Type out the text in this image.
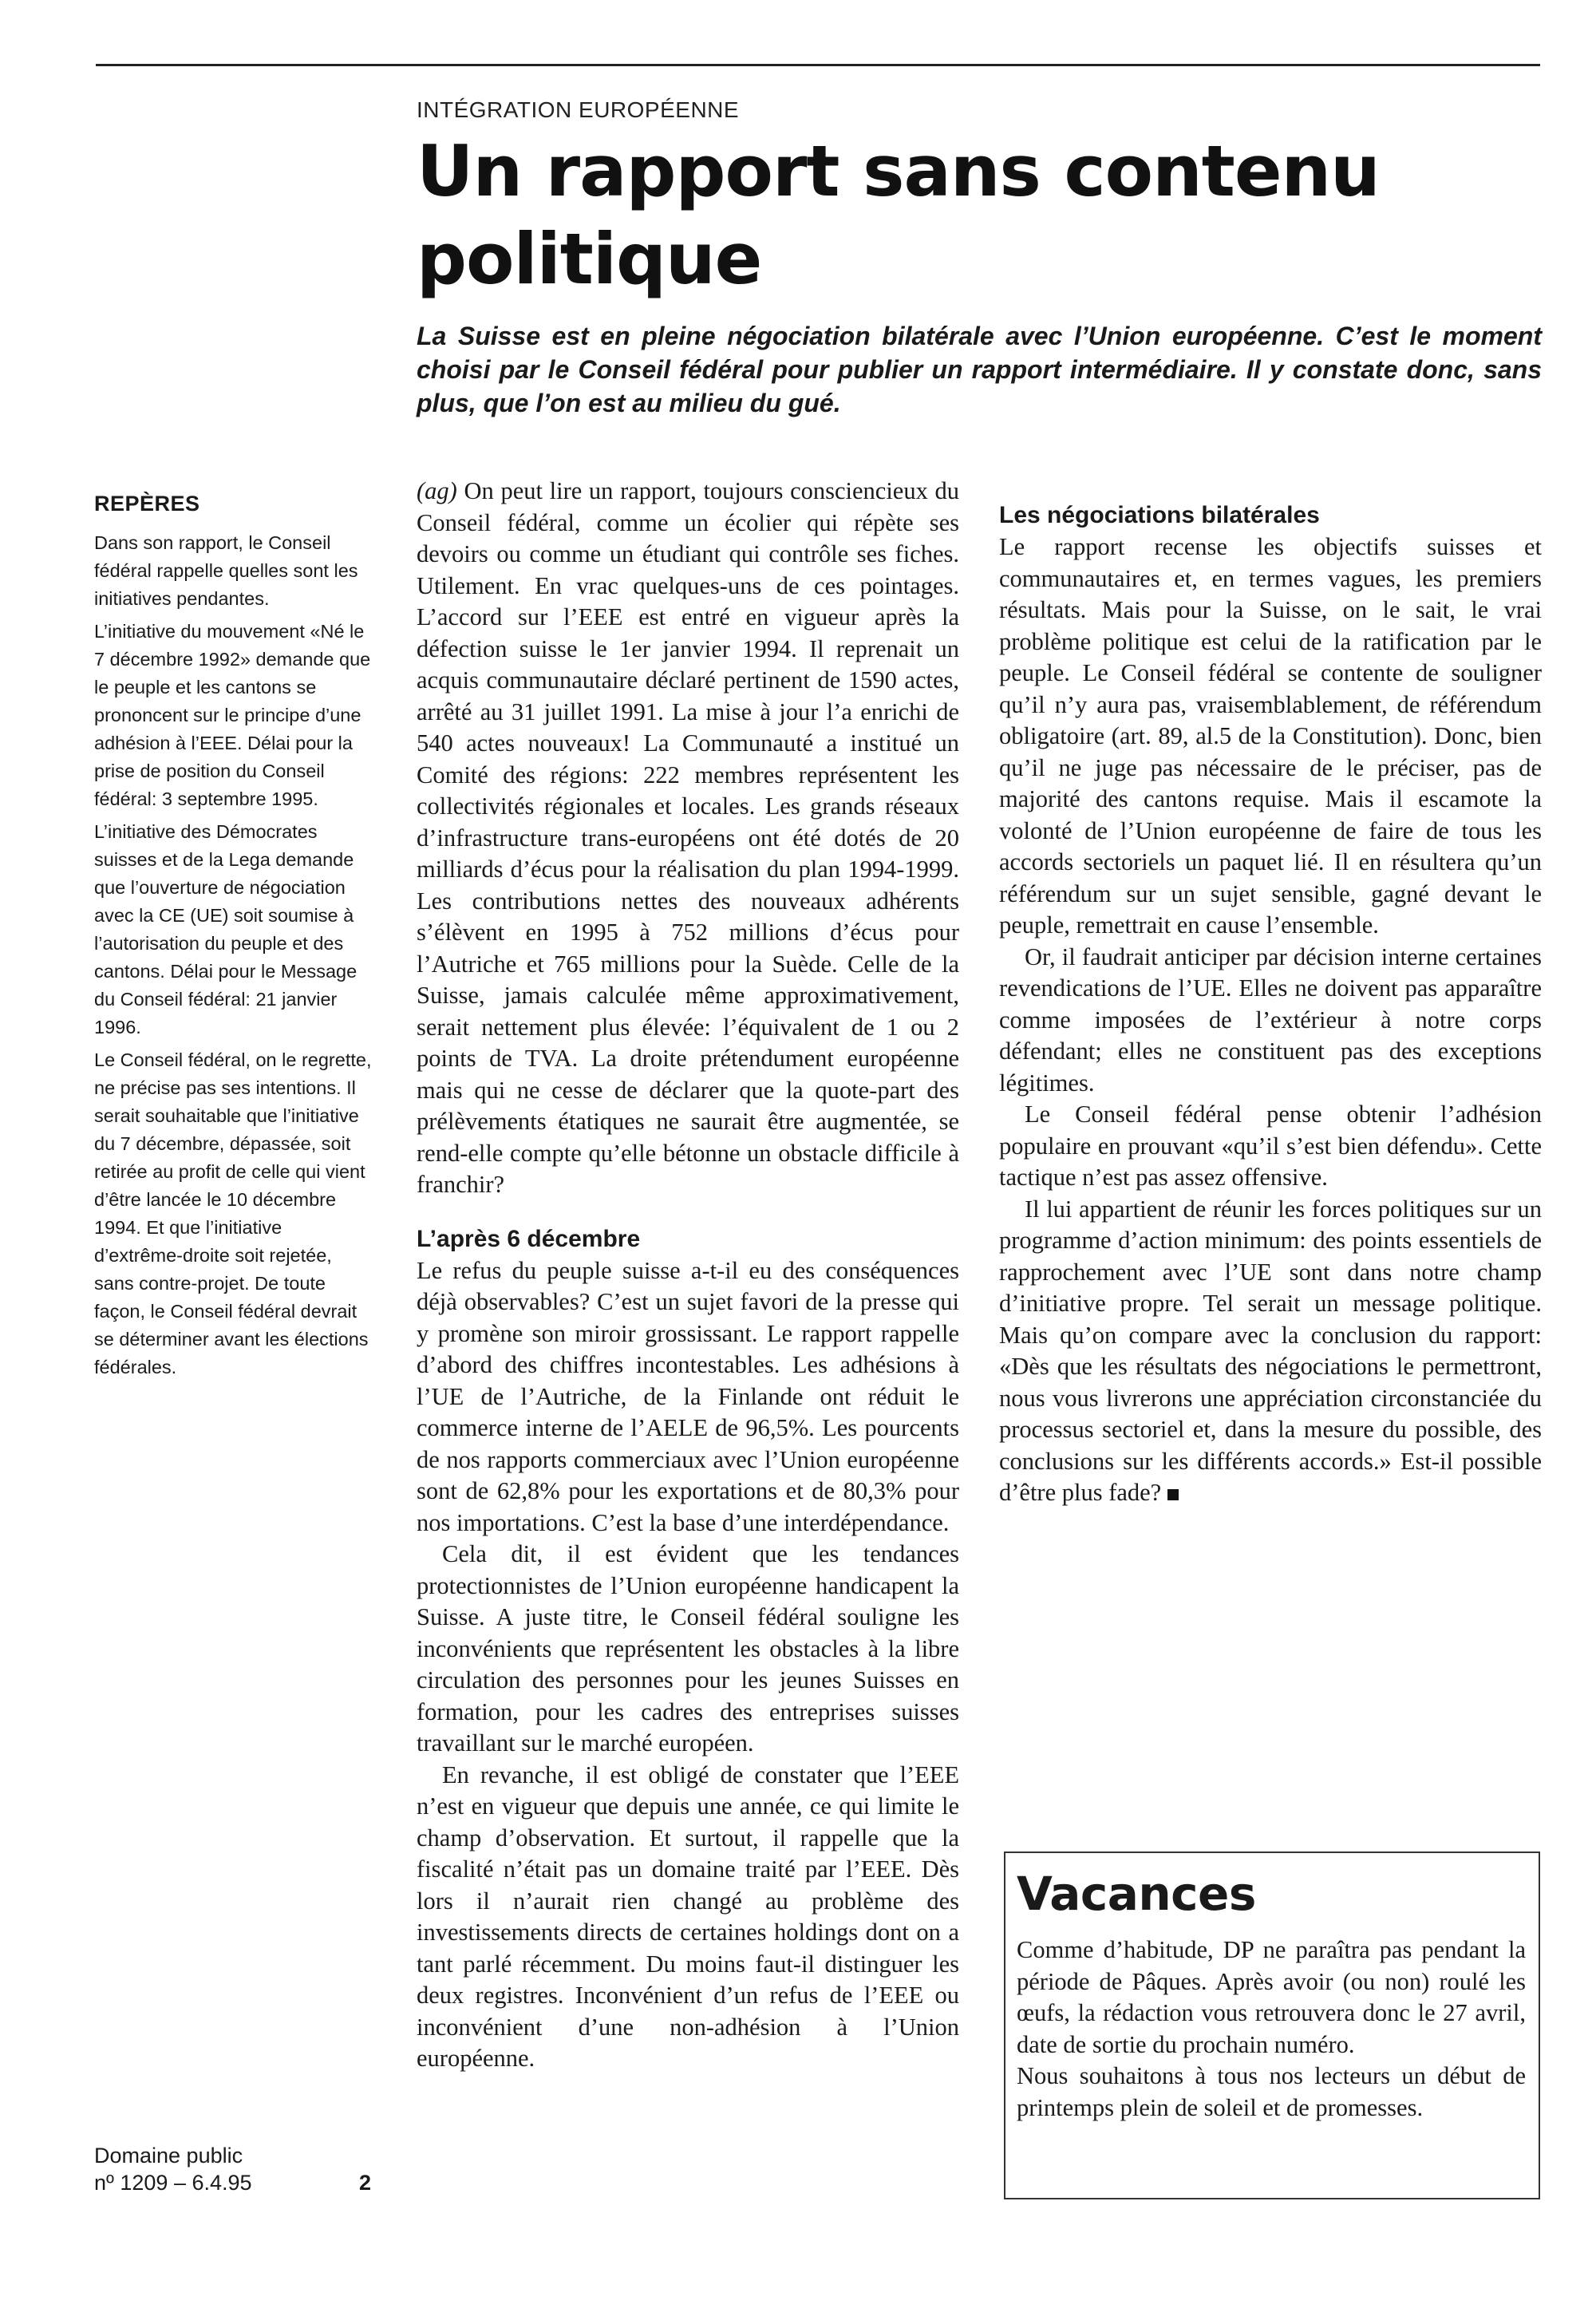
INTÉGRATION EUROPÉENNE
Un rapport sans contenu politique
La Suisse est en pleine négociation bilatérale avec l’Union européenne. C’est le moment choisi par le Conseil fédéral pour publier un rapport intermédiaire. Il y constate donc, sans plus, que l’on est au milieu du gué.
REPÈRES

Dans son rapport, le Conseil fédéral rappelle quelles sont les initiatives pendantes.

L’initiative du mouvement «Né le 7 décembre 1992» demande que le peuple et les cantons se prononcent sur le principe d’une adhésion à l’EEE. Délai pour la prise de position du Conseil fédéral: 3 septembre 1995.

L’initiative des Démocrates suisses et de la Lega demande que l’ouverture de négociation avec la CE (UE) soit soumise à l’autorisation du peuple et des cantons. Délai pour le Message du Conseil fédéral: 21 janvier 1996.

Le Conseil fédéral, on le regrette, ne précise pas ses intentions. Il serait souhaitable que l’initiative du 7 décembre, dépassée, soit retirée au profit de celle qui vient d’être lancée le 10 décembre 1994. Et que l’initiative d’extrême-droite soit rejetée, sans contre-projet. De toute façon, le Conseil fédéral devrait se déterminer avant les élections fédérales.

Domaine public
nº 1209 – 6.4.95	2

(ag) On peut lire un rapport, toujours consciencieux du Conseil fédéral, comme un écolier qui répète ses devoirs ou comme un étudiant qui contrôle ses fiches. Utilement. En vrac quelques-uns de ces pointages. L’accord sur l’EEE est entré en vigueur après la défection suisse le 1er janvier 1994. Il reprenait un acquis communautaire déclaré pertinent de 1590 actes, arrêté au 31 juillet 1991. La mise à jour l’a enrichi de 540 actes nouveaux! La Communauté a institué un Comité des régions: 222 membres représentent les collectivités régionales et locales. Les grands réseaux d’infrastructure trans-européens ont été dotés de 20 milliards d’écus pour la réalisation du plan 1994-1999. Les contributions nettes des nouveaux adhérents s’élèvent en 1995 à 752 millions d’écus pour l’Autriche et 765 millions pour la Suède. Celle de la Suisse, jamais calculée même approximativement, serait nettement plus élevée: l’équivalent de 1 ou 2 points de TVA. La droite prétendument européenne mais qui ne cesse de déclarer que la quote-part des prélèvements étatiques ne saurait être augmentée, se rend-elle compte qu’elle bétonne un obstacle difficile à franchir?

L’après 6 décembre

Le refus du peuple suisse a-t-il eu des conséquences déjà observables? C’est un sujet favori de la presse qui y promène son miroir grossissant. Le rapport rappelle d’abord des chiffres incontestables. Les adhésions à l’UE de l’Autriche, de la Finlande ont réduit le commerce interne de l’AELE de 96,5%. Les pourcents de nos rapports commerciaux avec l’Union européenne sont de 62,8% pour les exportations et de 80,3% pour nos importations. C’est la base d’une interdépendance.

Cela dit, il est évident que les tendances protectionnistes de l’Union européenne handicapent la Suisse. A juste titre, le Conseil fédéral souligne les inconvénients que représentent les obstacles à la libre circulation des personnes pour les jeunes Suisses en formation, pour les cadres des entreprises suisses travaillant sur le marché européen.

En revanche, il est obligé de constater que l’EEE n’est en vigueur que depuis une année, ce qui limite le champ d’observation. Et surtout, il rappelle que la fiscalité n’était pas un domaine traité par l’EEE. Dès lors il n’aurait rien changé au problème des investissements directs de certaines holdings dont on a tant parlé récemment. Du moins faut-il distinguer les deux registres. Inconvénient d’un refus de l’EEE ou inconvénient d’une non-adhésion à l’Union européenne.

Les négociations bilatérales

Le rapport recense les objectifs suisses et communautaires et, en termes vagues, les premiers résultats. Mais pour la Suisse, on le sait, le vrai problème politique est celui de la ratification par le peuple. Le Conseil fédéral se contente de souligner qu’il n’y aura pas, vraisemblablement, de référendum obligatoire (art. 89, al.5 de la Constitution). Donc, bien qu’il ne juge pas nécessaire de le préciser, pas de majorité des cantons requise. Mais il escamote la volonté de l’Union européenne de faire de tous les accords sectoriels un paquet lié. Il en résultera qu’un référendum sur un sujet sensible, gagné devant le peuple, remettrait en cause l’ensemble.

Or, il faudrait anticiper par décision interne certaines revendications de l’UE. Elles ne doivent pas apparaître comme imposées de l’extérieur à notre corps défendant; elles ne constituent pas des exceptions légitimes.

Le Conseil fédéral pense obtenir l’adhésion populaire en prouvant «qu’il s’est bien défendu». Cette tactique n’est pas assez offensive.

Il lui appartient de réunir les forces politiques sur un programme d’action minimum: des points essentiels de rapprochement avec l’UE sont dans notre champ d’initiative propre. Tel serait un message politique. Mais qu’on compare avec la conclusion du rapport: «Dès que les résultats des négociations le permettront, nous vous livrerons une appréciation circonstanciée du processus sectoriel et, dans la mesure du possible, des conclusions sur les différents accords.» Est-il possible d’être plus fade?

Vacances

Comme d’habitude, DP ne paraîtra pas pendant la période de Pâques. Après avoir (ou non) roulé les œufs, la rédaction vous retrouvera donc le 27 avril, date de sortie du prochain numéro.

Nous souhaitons à tous nos lecteurs un début de printemps plein de soleil et de promesses.
